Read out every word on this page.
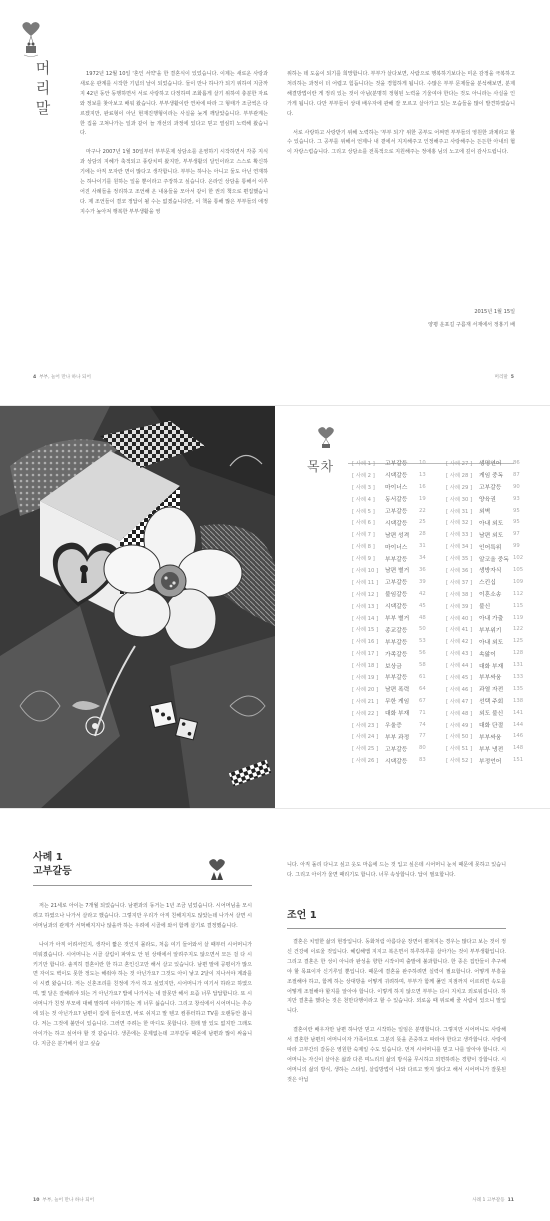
머리말

1972년 12월 10일 '혼인 서약'을 한 결혼식이 있었습니다. 이제는 새로운 사랑과 새로운 관계를 시작한 기념의 날이 되었습니다. 둘이 만나 하나가 되기 위하여 지금까지 42년 동안 동행하면서 서로 사랑하고 다정하며 조화롭게 살기 위하여 충분한 자료와 정보를 찾아보고 배워 왔습니다. 부부생활이란 연차에 따라 그 형태가 조금씩은 다르겠지만, 완료형이 아닌 현재진행형이라는 사실을 늦게 깨달았습니다. 부부관계는 한 집을 고쳐나가는 일과 같이 늘 개선의 과정에 있다고 믿고 열심히 노력해 왔습니다.

마구나 2007년 1월 30일부터 부부문제 상담소를 운영하기 시작하면서 각종 지식과 상담의 지혜가 축적되고 풍랑치며 왔지만, 부부생활의 달인이라고 스스로 확신하기에는 아직 모자란 면이 많다고 생각합니다. 부부는 하나는 아니고 둘도 아닌 연재하는 하나이기를 원하는 일을 뿐이라고 주장하고 싶습니다. 온라인 상담을 통해서 이루어진 사례들을 정리하고 조언해 온 내용들을 모아서 같이 한 권의 책으로 편집했습니다. 제 조언들이 결코 정답이 될 수는 없겠습니다만, 이 책을 통해 많은 부부들의 애정지수가 높아져 행복한 부부생활을 영

위하는 데 도움이 되기를 희망합니다. 부부가 살다보면, 사람으로 행복하기보다는 미운 감정을 극복하고 처리하는 과정이 더 어렵고 힘듭니다는 것을 경험하게 됩니다. 수많은 부부 문제들을 분석해보면, 분제 해결방법이란 게 정리 있는 것이 아님(분명히 정형된 노력을 기울여야 한다는 것도 아니라는 사실을 인가게 됩니다. 다만 부부들이 상대 배우자에 관해 잘 모르고 살아가고 있는 모습들을 많이 발견하였습니다.

서로 사랑하고 사랑받기 위해 노력하는 '부부 되기' 위한 공부도 어쩌면 부부들의 영원한 과제라고 할 수 있습니다. 그 공부를 위해서 언제나 내 곁에서 지지해주고 인정해주고 사랑해주는 든든한 아내의 협이 자랑스럽습니다. 그리고 상담소를 전폭적으로 지원해주는 정애홍 님의 노고에 깊이 감사드립니다.

2015년 1월 15일
양평 운포길 구름재 서재에서 정홍기 배
4 부부, 늘어 만나 하나 되어	머리말 5
목차	[ 사례 1 ]	고부갈등	10
[ 사례 2 ]	시댁갈등	13
[ 사례 3 ]	마이너스	16
[ 사례 4 ]	동서갈등	19
[ 사례 5 ]	고부갈등	22
[ 사례 6 ]	시댁갈등	25
[ 사례 7 ]	남편 성격	28
[ 사례 8 ]	마이너스	31
[ 사례 9 ]	부부갈등	34
[ 사례 10 ]	남편 별거	36
[ 사례 11 ]	고부갈등	39
[ 사례 12 ]	불임갈등	42
[ 사례 13 ]	시댁갈등	45
[ 사례 14 ]	부부 별거	48
[ 사례 15 ]	종교갈등	50
[ 사례 16 ]	부부갈등	53
[ 사례 17 ]	가족갈등	56
[ 사례 18 ]	보상금	58
[ 사례 19 ]	부부갈등	61
[ 사례 20 ]	남편 폭력	64
[ 사례 21 ]	무한 게임	67
[ 사례 22 ]	대화 부재	71
[ 사례 23 ]	우울증	74
[ 사례 24 ]	부부 과정	77
[ 사례 25 ]	고부갈등	80
[ 사례 26 ]	시댁갈등	83
[ 사례 27 ]	생명연어	86
[ 사례 28 ]	게임 중독	87
[ 사례 29 ]	고부갈등	90
[ 사례 30 ]	양육권	93
[ 사례 31 ]	외벽	95
[ 사례 32 ]	아내 외도	95
[ 사례 33 ]	남편 외도	97
[ 사례 34 ]	인어특위	99
[ 사례 35 ]	알코올 중독 102
[ 사례 36 ]	생방자식	105
[ 사례 37 ]	스킨십	109
[ 사례 38 ]	이혼소송	112
[ 사례 39 ]	불신	115
[ 사례 40 ]	아내 가출	119
[ 사례 41 ]	부부위기	122
[ 사례 42 ]	아내 외도	125
[ 사례 43 ]	속앓이	128
[ 사례 44 ]	대화 부재	131
[ 사례 45 ]	부부싸움	133
[ 사례 46 ]	과열 자전	135
[ 사례 47 ]	선택 주회	138
[ 사례 48 ]	외도 불신	141
[ 사례 49 ]	대화 단절	144
[ 사례 50 ]	부부싸움	146
[ 사례 51 ]	부부 냉전	148
[ 사례 52 ]	부정언어	151
사례 1
고부갈등

저는 21세로 아이는 7개월 되었습니다. 남편과의 동거는 1년 조금 넘었습니다. 시어머님을 모시려고 하였으나 나가서 살라고 했습니다. 그렇지만 우리가 아직 친해지지도 않았는데 나가서 살면 시어머님과의 관계가 서먹해지지나 않을까 하는 우려에 시골에 와서 함께 살기로 결정했습니다.

나이가 아직 어려서인지, 생각이 짧은 것인지 몰라도, 처음 여기 들어와서 살 때부터 시어머니가 미워졌습니다. 시어머니는 시골 살림이 파악도 안 된 상태에서 알려주지도 않으면서 모든 걸 다 시키기만 합니다. 솔직히 결혼이란 한 하고 혼인신고만 해서 살고 있습니다. 남편 말에 공평이가 많으면 자이도 벽이도 못한 정도는 해줘야 하는 것 아닌가요? 그것도 아이 낳고 2달이 지나서야 계좌를 이 시켰 왔습니다. 저는 신혼조리를 친정에 가서 하고 싶었지만, 시어머니가 여기서 하라고 하였으며, 몇 달은 잘해줘야 되는 거 아닌가요? 밥에 나가서는 내 잘못만 해서 요즘 너무 답답합니다. 또 시어머니가 친정 부모에 대해 말하며 이야기하는 게 너무 싫습니다. 그리고 창석에서 시어머니는 추승에 되는 것 아닌가요? 남편이 집에 들어오면, 바로 쉬지고 말 텐고 컴퓨터하고 TV를 오랜동안 봅니다. 저는 그것에 불만이 있습니다. 그러면 주려는 한 마디도 못합니다. 원래 말 있도 없지만 그래도 아이가는 하고 싶어야 할 것 같습니다. 생존에는 문제없는데 고부갈등 때문에 남편과 많이 싸웁니다. 지금은 분가해서 살고 싶습

니다. 아직 돌리 다니고 싶고 옷도 마음에 드는 것 입고 싶은데 시어머니 눈치 때문에 못하고 있습니다. 그리고 아이가 울면 때리기도 합니다. 너무 속상합니다. 답이 필요합니다.

조언 1

결혼은 치열한 삶의 현장입니다. 동화처럼 아름다운 장면이 펼쳐지는 경우는 많다고 보는 것이 정신 건강에 이로울 것입니다. 혜림해맵 지지고 복은면서 하루하루를 살아가는 것이 부부생활입니다. 그리고 결혼은 한 성이 아니라 완성을 향한 시작이며 출발에 불과합니다. 한 종은 집안들이 추구해야 할 목표이자 신기루일 뿐입니다. 때문에 결혼을 완주하려면 실력이 필요합니다. 어떻게 부흥을 조절해야 하고, 함께 하는 상대방을 어떻게 귀려하며, 부부가 함께 풀인 지점까지 이르려면 속도를 어떻게 조절해야 할지를 알아야 합니다. 이렇게 하지 않으면 부부는 다시 지치고 외로워집니다. 하지만 결혼을 했다는 것은 천만다행이라고 할 수 있습니다. 외로움 때 위로해 줄 사람이 있으니 말입니다.

결혼이란 배우자만 남편 하나만 믿고 시작하는 일임은 분명합니다. 그렇지만 시어머니도 사랑해서 결혼한 남편의 어머니이자 가족이므로 그분의 뜻을 존중하고 따라야 한다고 생각합니다. 사랑에 따라 고부간의 갈등은 영원한 숙제일 수도 있습니다. 먼저 시어머니를 믿고 나를 알아야 합니다. 시어머니는 자신이 살아온 삶과 다른 며느리의 삶의 방식을 무시하고 외면하려는 경향이 강합니다. 시어머니의 삶의 방식, 생하는 스타일, 살림방법이 나와 다르고 맞지 않다고 해서 시어머니가 잘못된 것은 아닙

10 부부, 늘어 만나 하나 되어	사례 1 고부갈등 11
